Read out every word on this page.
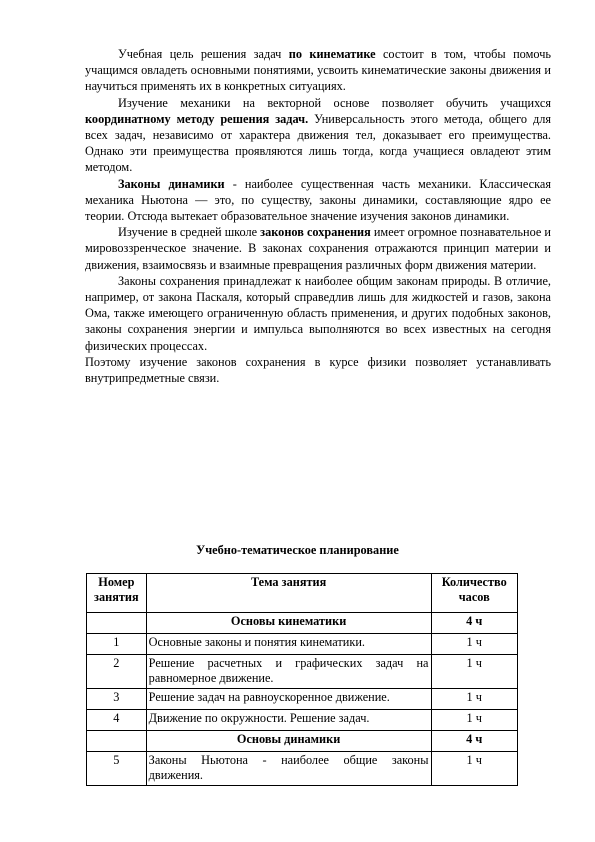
Учебная цель решения задач по кинематике состоит в том, чтобы помочь учащимся овладеть основными понятиями, усвоить кинематические законы движения и научиться применять их в конкретных ситуациях.

Изучение механики на векторной основе позволяет обучить учащихся координатному методу решения задач. Универсальность этого метода, общего для всех задач, независимо от характера движения тел, доказывает его преимущества. Однако эти преимущества проявляются лишь тогда, когда учащиеся овладеют этим методом.

Законы динамики - наиболее существенная часть механики. Классическая механика Ньютона — это, по существу, законы динамики, составляющие ядро ее теории. Отсюда вытекает образовательное значение изучения законов динамики.

Изучение в средней школе законов сохранения имеет огромное познавательное и мировоззренческое значение. В законах сохранения отражаются принцип материи и движения, взаимосвязь и взаимные превращения различных форм движения материи.

Законы сохранения принадлежат к наиболее общим законам природы. В отличие, например, от закона Паскаля, который справедлив лишь для жидкостей и газов, закона Ома, также имеющего ограниченную область применения, и других подобных законов, законы сохранения энергии и импульса выполняются во всех известных на сегодня физических процессах.

Поэтому изучение законов сохранения в курсе физики позволяет устанавливать внутрипредметные связи.

Учебно-тематическое планирование
Номер занятия	Тема занятия	Количество часов
	Основы кинематики	4 ч
1	Основные законы и понятия кинематики.	1 ч
2	Решение расчетных и графических задач на равномерное движение.	1 ч
3	Решение задач на равноускоренное движение.	1 ч
4	Движение по окружности. Решение задач.	1 ч
	Основы динамики	4 ч
5	Законы Ньютона - наиболее общие законы движения.	1 ч
